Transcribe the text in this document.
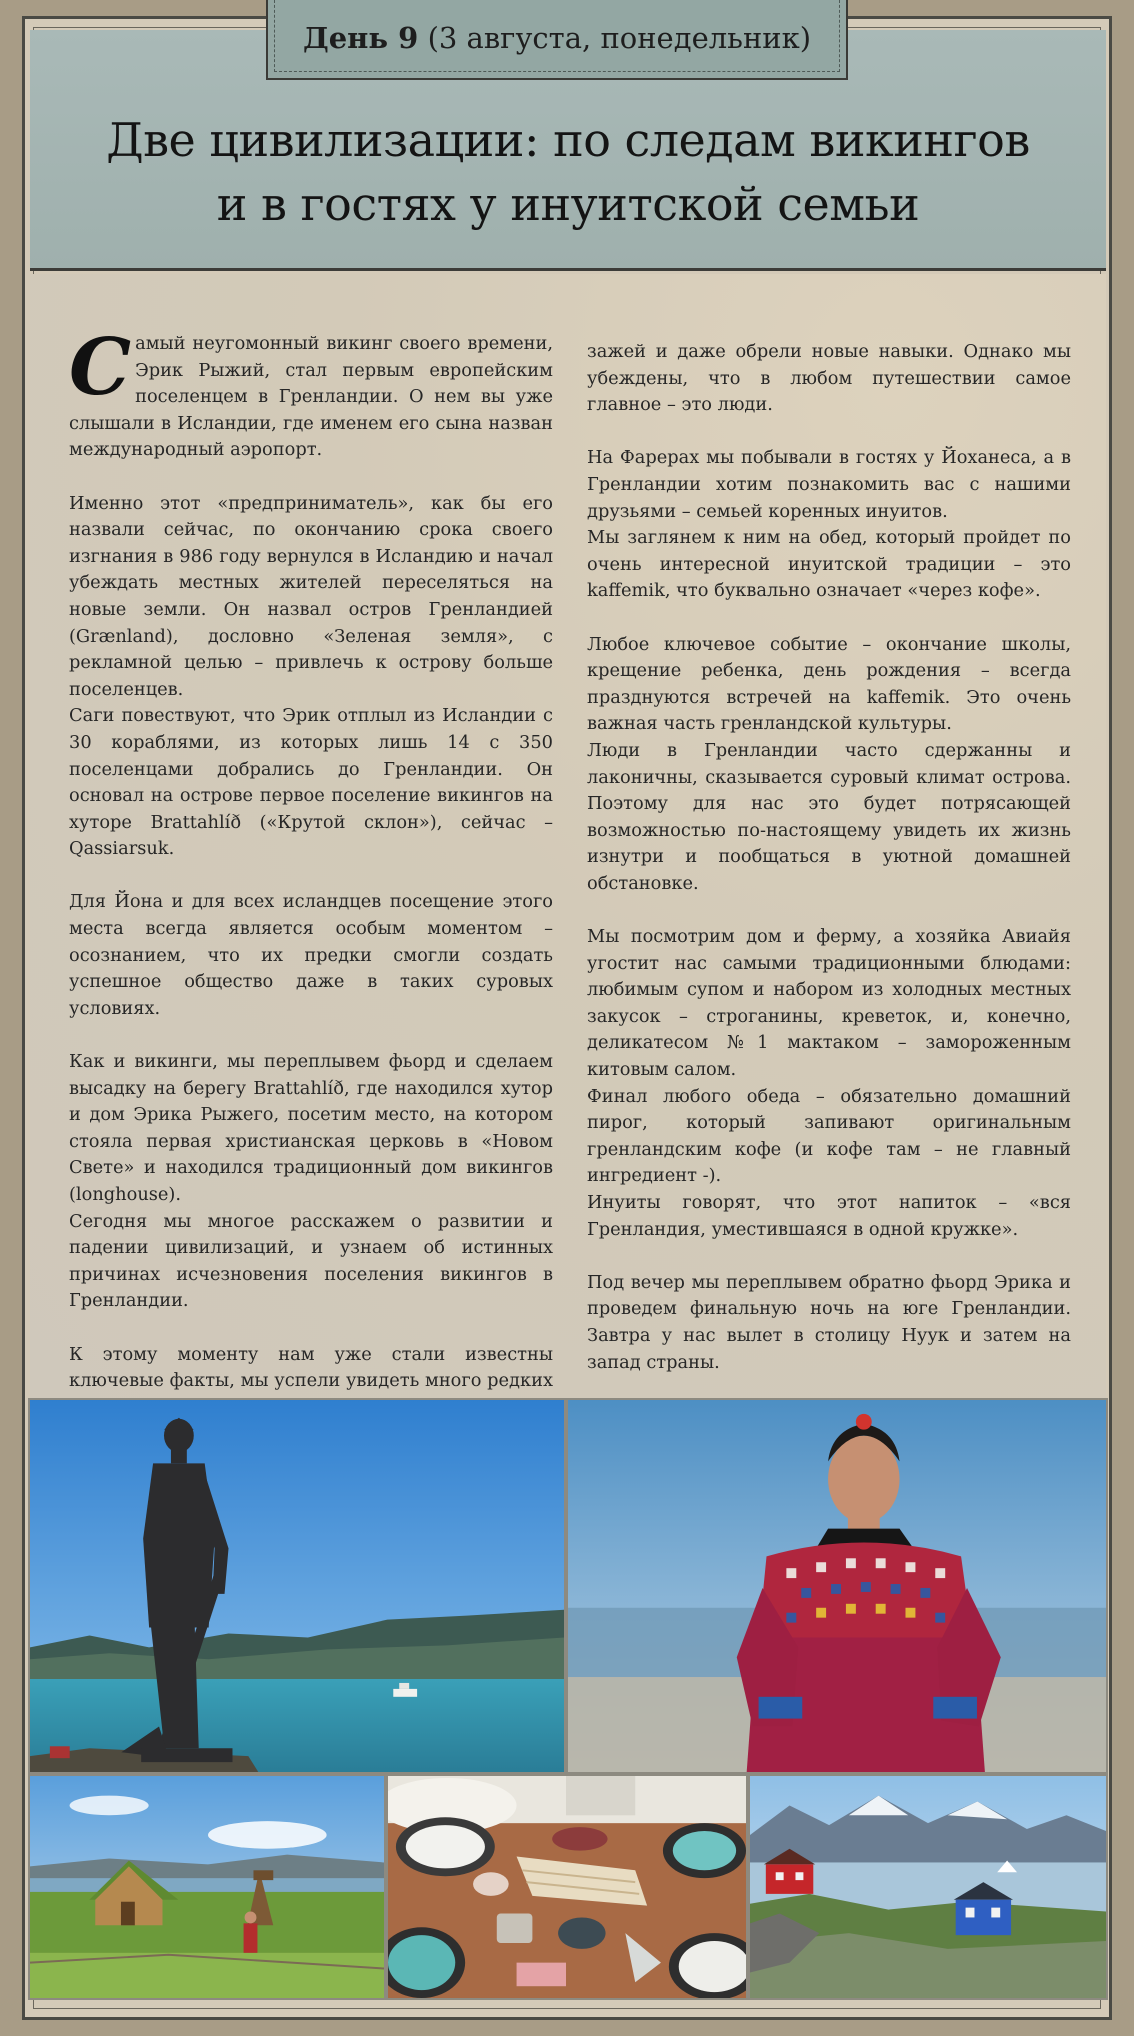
Две цивилизации: по следам викингов
и в гостях у инуитской семьи
День 9 (3 августа, понедельник)

Самый неугомонный викинг своего времени, Эрик Рыжий, стал первым европейским поселенцем в Гренландии. О нем вы уже слышали в Исландии, где именем его сына назван международный аэропорт.

Именно этот «предприниматель», как бы его назвали сейчас, по окончанию срока своего изгнания в 986 году вернулся в Исландию и начал убеждать местных жителей переселяться на новые земли. Он назвал остров Гренландией (Grænland), дословно «Зеленая земля», с рекламной целью – привлечь к острову больше поселенцев.

Саги повествуют, что Эрик отплыл из Исландии с 30 кораблями, из которых лишь 14 с 350 поселенцами добрались до Гренландии. Он основал на острове первое поселение викингов на хуторе Brattahlíð («Крутой склон»), сейчас – Qassiarsuk.

Для Йона и для всех исландцев посещение этого места всегда является особым моментом – осознанием, что их предки смогли создать успешное общество даже в таких суровых условиях.

Как и викинги, мы переплывем фьорд и сделаем высадку на берегу Brattahlíð, где находился хутор и дом Эрика Рыжего, посетим место, на котором стояла первая христианская церковь в «Новом Свете» и находился традиционный дом викингов (longhouse).

Сегодня мы многое расскажем о развитии и падении цивилизаций, и узнаем об истинных причинах исчезновения поселения викингов в Гренландии.

К этому моменту нам уже стали известны ключевые факты, мы успели увидеть много редких

зажей и даже обрели новые навыки. Однако мы убеждены, что в любом путешествии самое главное – это люди.

На Фарерах мы побывали в гостях у Йоханеса, а в Гренландии хотим познакомить вас с нашими друзьями – семьей коренных инуитов.

Мы заглянем к ним на обед, который пройдет по очень интересной инуитской традиции – это kaffemik, что буквально означает «через кофе».

Любое ключевое событие – окончание школы, крещение ребенка, день рождения – всегда празднуются встречей на kaffemik. Это очень важная часть гренландской культуры.

Люди в Гренландии часто сдержанны и лаконичны, сказывается суровый климат острова. Поэтому для нас это будет потрясающей возможностью по-настоящему увидеть их жизнь изнутри и пообщаться в уютной домашней обстановке.

Мы посмотрим дом и ферму, а хозяйка Авиайя угостит нас самыми традиционными блюдами: любимым супом и набором из холодных местных закусок – строганины, креветок, и, конечно, деликатесом №1 мактаком – замороженным китовым салом.

Финал любого обеда – обязательно домашний пирог, который запивают оригинальным гренландским кофе (и кофе там – не главный ингредиент -).

Инуиты говорят, что этот напиток – «вся Гренландия, уместившаяся в одной кружке».

Под вечер мы переплывем обратно фьорд Эрика и проведем финальную ночь на юге Гренландии. Завтра у нас вылет в столицу Нуук и затем на запад страны.
